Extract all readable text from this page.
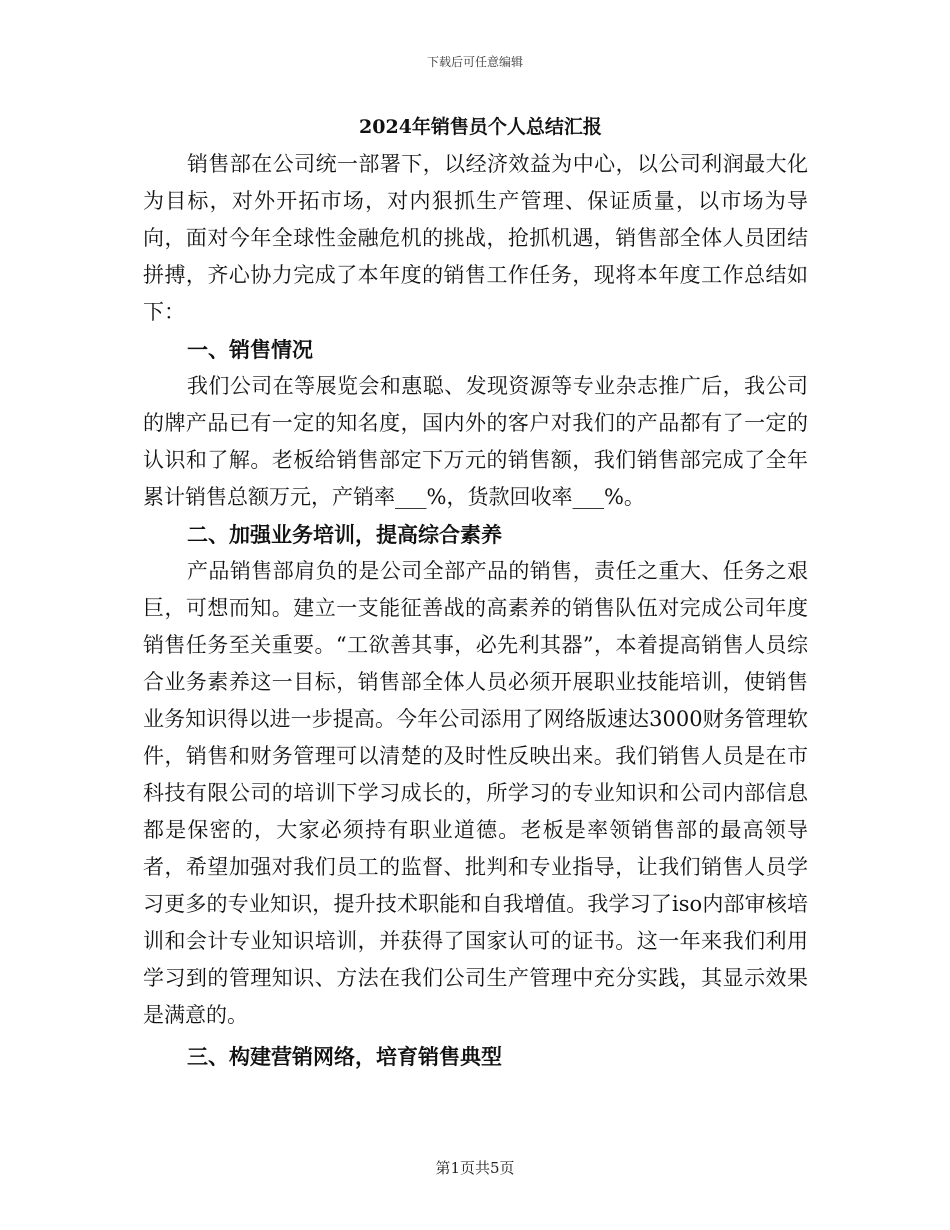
下载后可任意编辑
2024年销售员个人总结汇报

销售部在公司统一部署下，以经济效益为中心，以公司利润最大化为目标，对外开拓市场，对内狠抓生产管理、保证质量，以市场为导向，面对今年全球性金融危机的挑战，抢抓机遇，销售部全体人员团结拼搏，齐心协力完成了本年度的销售工作任务，现将本年度工作总结如下：

一、销售情况

我们公司在等展览会和惠聪、发现资源等专业杂志推广后，我公司的牌产品已有一定的知名度，国内外的客户对我们的产品都有了一定的认识和了解。老板给销售部定下万元的销售额，我们销售部完成了全年累计销售总额万元，产销率___%，货款回收率___%。

二、加强业务培训，提高综合素养

产品销售部肩负的是公司全部产品的销售，责任之重大、任务之艰巨，可想而知。建立一支能征善战的高素养的销售队伍对完成公司年度销售任务至关重要。“工欲善其事，必先利其器”，本着提高销售人员综合业务素养这一目标，销售部全体人员必须开展职业技能培训，使销售业务知识得以进一步提高。今年公司添用了网络版速达3000财务管理软件，销售和财务管理可以清楚的及时性反映出来。我们销售人员是在市科技有限公司的培训下学习成长的，所学习的专业知识和公司内部信息都是保密的，大家必须持有职业道德。老板是率领销售部的最高领导者，希望加强对我们员工的监督、批判和专业指导，让我们销售人员学习更多的专业知识，提升技术职能和自我增值。我学习了iso内部审核培训和会计专业知识培训，并获得了国家认可的证书。这一年来我们利用学习到的管理知识、方法在我们公司生产管理中充分实践，其显示效果是满意的。

三、构建营销网络，培育销售典型
第1页共5页
